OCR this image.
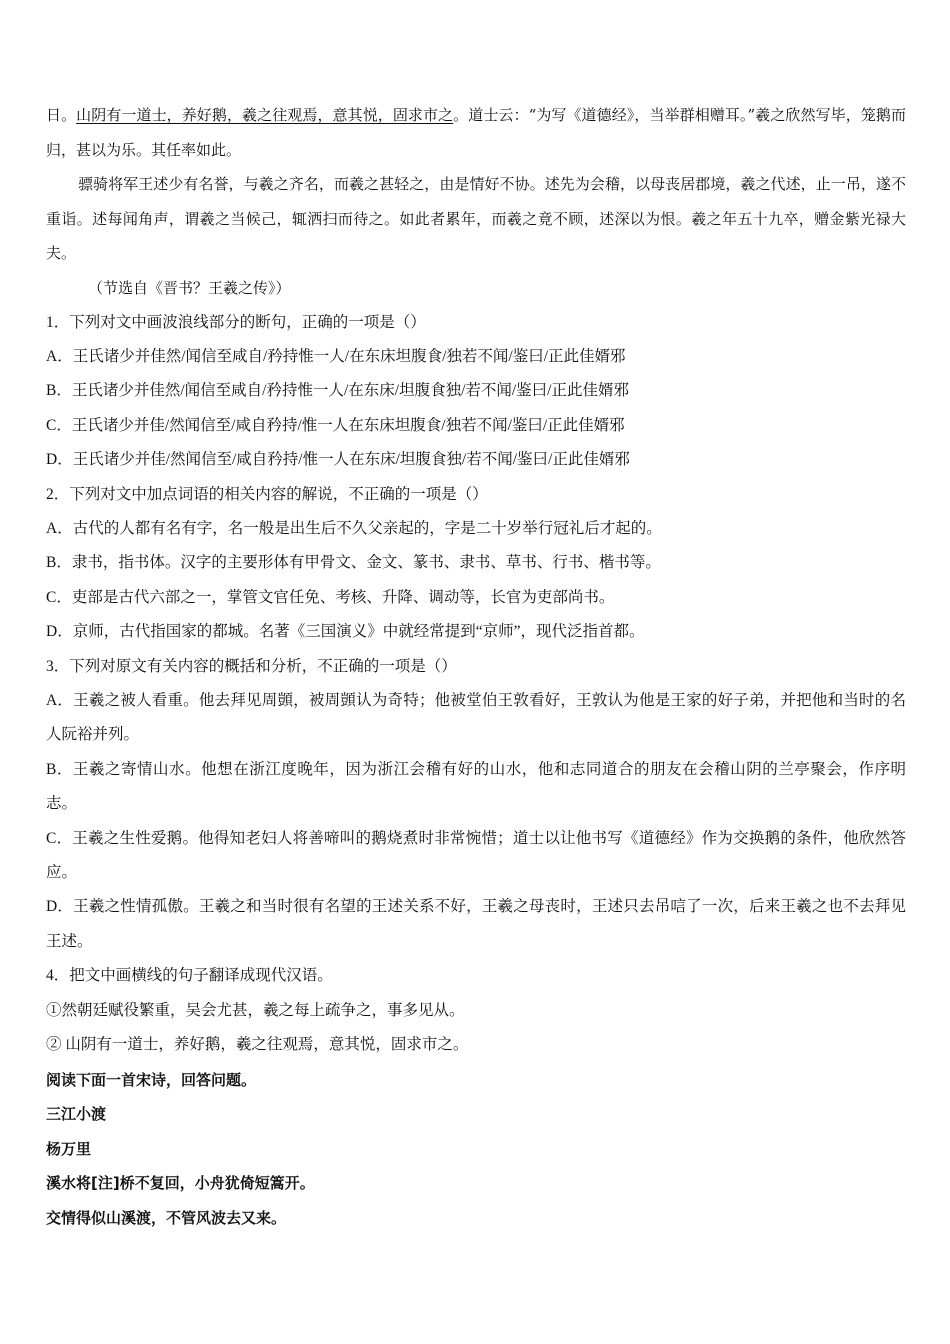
日。山阴有一道士，养好鹅，羲之往观焉，意其悦，固求市之。道士云：“为写《道德经》，当举群相赠耳。”羲之欣然写毕，笼鹅而归，甚以为乐。其任率如此。

骠骑将军王述少有名誉，与羲之齐名，而羲之甚轻之，由是情好不协。述先为会稽，以母丧居郡境，羲之代述，止一吊，遂不重诣。述每闻角声，谓羲之当候己，辄洒扫而待之。如此者累年，而羲之竟不顾，述深以为恨。羲之年五十九卒，赠金紫光禄大夫。

（节选自《晋书？王羲之传》）

1．下列对文中画波浪线部分的断句，正确的一项是（）

A．王氏诸少并佳然/闻信至咸自/矜持惟一人/在东床坦腹食/独若不闻/鉴曰/正此佳婿邪

B．王氏诸少并佳然/闻信至咸自/矜持惟一人/在东床/坦腹食独/若不闻/鉴曰/正此佳婿邪

C．王氏诸少并佳/然闻信至/咸自矜持/惟一人在东床坦腹食/独若不闻/鉴曰/正此佳婿邪

D．王氏诸少并佳/然闻信至/咸自矜持/惟一人在东床/坦腹食独/若不闻/鉴曰/正此佳婿邪

2．下列对文中加点词语的相关内容的解说，不正确的一项是（）

A．古代的人都有名有字，名一般是出生后不久父亲起的，字是二十岁举行冠礼后才起的。

B．隶书，指书体。汉字的主要形体有甲骨文、金文、篆书、隶书、草书、行书、楷书等。

C．吏部是古代六部之一，掌管文官任免、考核、升降、调动等，长官为吏部尚书。

D．京师，古代指国家的都城。名著《三国演义》中就经常提到“京师”，现代泛指首都。

3．下列对原文有关内容的概括和分析，不正确的一项是（）

A．王羲之被人看重。他去拜见周顗，被周顗认为奇特；他被堂伯王敦看好，王敦认为他是王家的好子弟，并把他和当时的名人阮裕并列。

B．王羲之寄情山水。他想在浙江度晚年，因为浙江会稽有好的山水，他和志同道合的朋友在会稽山阴的兰亭聚会，作序明志。

C．王羲之生性爱鹅。他得知老妇人将善啼叫的鹅烧煮时非常惋惜；道士以让他书写《道德经》作为交换鹅的条件，他欣然答应。

D．王羲之性情孤傲。王羲之和当时很有名望的王述关系不好，王羲之母丧时，王述只去吊唁了一次，后来王羲之也不去拜见王述。

4．把文中画横线的句子翻译成现代汉语。

①然朝廷赋役繁重，吴会尤甚，羲之每上疏争之，事多见从。

② 山阴有一道士，养好鹅，羲之往观焉，意其悦，固求市之。

阅读下面一首宋诗，回答问题。

三江小渡

杨万里

溪水将[注]桥不复回，小舟犹倚短篙开。

交情得似山溪渡，不管风波去又来。
